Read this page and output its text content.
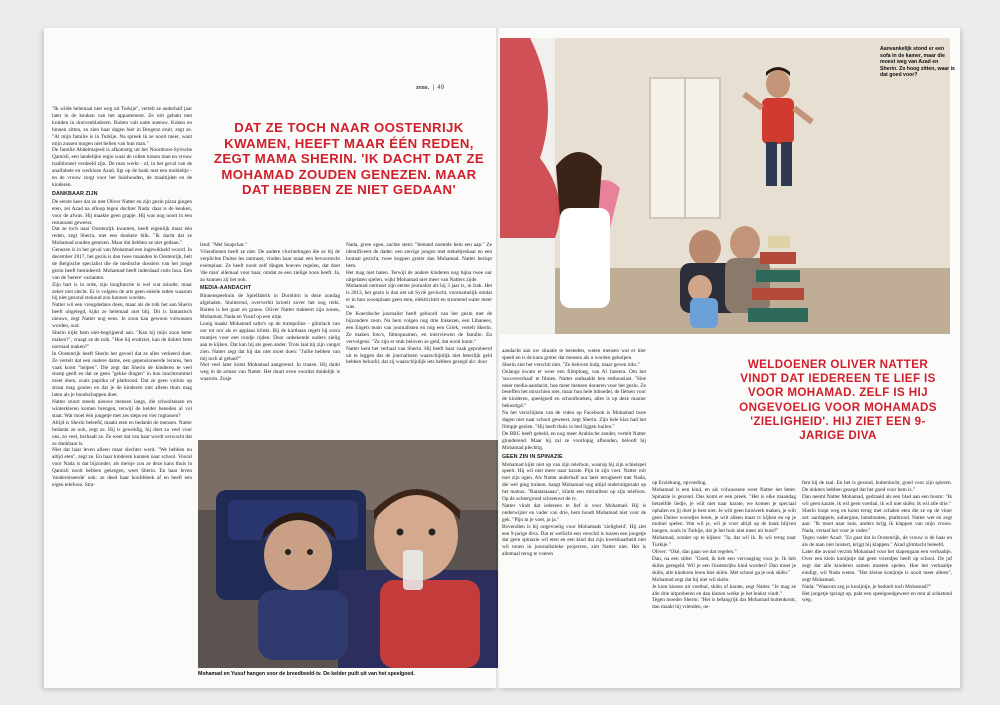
"Ik wilde helemaal niet weg uit Turkije", vertelt ze anderhalf jaar later in de keuken van het appartement. Ze rolt gehakt met kruiden in druivenbladeren. Buiten valt natte sneeuw. Koken en binnen zitten, zo zien haar dagen hier in Bregenz eruit, zegt ze. "Al mijn familie is in Turkije. Na spreek ik ze nooit meer, want mijn zussen mogen niet bellen van hun man."

De familie Abdelmajeed is afkomstig uit het Noordoost-Syrische Qamisli, een landelijke regio waar de rollen tussen man en vrouw traditioneel verdeeld zijn. De man werkt - of, in het geval van de analfabete en werkloze Azad, ligt op de bank met een mobieltje - en de vrouw zorgt voor het huishouden, de maaltijden en de kinderen.

DANKBAAR ZIJN

De eerste keer dat ze met Oliver Natter en zijn gezin pizza gingen eten, zei Azad na afloop tegen dochter Nada: daar is de keuken, voor de afwas. Hij maakte geen grapje. Hij was nog nooit in een restaurant geweest.

Dat ze toch naar Oostenrijk kwamen, heeft eigenlijk maar één reden, zegt Sherin, met een donkere blik. "Ik dacht dat ze Mohamad zouden genezen. Maar dat hebben ze niet gedaan."

Genezen is in het geval van Mohamad een ingewikkeld woord. In december 2017, het gezin is dan twee maanden in Oostenrijk, belt de Belgische specialist die de medische dossiers van het jonge gezin heeft bestudeerd: Mohamad heeft inderdaad cutis laxa. Een van de 'betere' varianten.

Zijn hart is in orde, zijn longfunctie is wel wat minder, maar zeker niet slecht. Er is volgens de arts geen enkele reden waarom hij niet gezond stokoud zou kunnen worden.

Natter wil een vreugdedans doen, maar als de tolk het aan Sherin heeft uitgelegd, kijkt ze helemaal niet blij. Dit is fantastisch nieuws, zegt Natter nog eens. Je zoon kan gewoon volwassen worden, oud.

Sherin kijkt hem niet-begrijpend aan. "Kan hij mijn zoon beter maken?", vraagt ze de tolk. "Hoe hij eruitziet, kan de dokter hem normaal maken?"

In Oostenrijk heeft Sherin het gevoel dat ze alles verkeerd doet. Ze vertelt dat een oudere dame, een gepensioneerde lerares, hen vaak komt "helpen". Die zegt dat Sherin de kinderen te veel snoep geeft en dat ze geen "gekke dingen" in hun lunchtrommel moet doen, zoals paprika of platbrood. Dat ze geen vuilnis op straat mag gooien en dat je de kinderen niet alleen thuis mag laten als je boodschappen doet.

Natter stuurt steeds nieuwe mensen langs, die schooltassen en winterkleren komen brengen, terwijl de kelder beneden al vol staat. Wat moet één jongetje met zes steps en vier rugtassen?

Altijd is Sherin beleefd, maakt eten en bedankt de mensen. Natter bedankt ze ook, zegt ze. Hij is geweldig, hij doet zo veel voor ons, zo veel, herhaalt ze. Ze weet dat van haar wordt verwacht dat ze dankbaar is.

Niet dat haar leven alleen maar slechter werd. "We hebben nu altijd eten", zegt ze. En haar kinderen kunnen naar school. Vooral voor Nada is dat bijzonder, als meisje zou ze deze kans thuis in Qamisli nooit hebben gekregen, weet Sherin. En haar leven 'moderniseerde' ook: ze deed haar hoofddoek af en heeft een eigen telefoon. Stra-

DAT ZE TOCH NAAR OOSTENRIJK KWAMEN, HEEFT MAAR ÉÉN REDEN, ZEGT MAMA SHERIN. 'IK DACHT DAT ZE MOHAMAD ZOUDEN GENEZEN. MAAR DAT HEBBEN ZE NIET GEDAAN'

lend: "Met Snapchat."

Vriendinnen heeft ze niet. De andere vluchtelingen die ze bij de verplichte Duitse les ontmoet, vinden haar maar een bevoorrecht exemplaar. Ze heeft nooit zelf dingen hoeven regelen, dat doet 'die man' allemaal voor haar, omdat ze een zielige zoon heeft. Ja, zo kunnen zij het ook.

MEDIA-AANDACHT

Binnenspeeltuin de Spielfabrik in Dornbirn is deze zondag afgeladen. Stuiterend, oververhit krioelt zover het oog reikt. Buiten is het guur en grauw. Oliver Natter trakteert zijn zonen, Mohamad, Nada en Yusuf op een uitje.

Lenig maakt Mohamad salto's op de trampoline - glimlach van oor tot oor als er applaus klinkt. Bij de kartbaan regelt hij extra muntjes voor een rondje rijden. Door onbekende ouders zielig aan te kijken. Dat kan hij als geen ander. Trots laat hij zijn vangst zien. Natter zegt dat hij dat niet moet doen: "Jullie hebben van mij toch al gehad?"

Niet veel later komt Mohamad aangerend. In tranen. Hij duikt weg in de armen van Natter. Het duurt even voordat duidelijk is waarom. Zusje

Nada, grote ogen, zachte stem: "Iemand noemde hem een aap." Ze identificeert de dader: een stevige jongen met stekeltjeshaar en een brutaal gezicht, twee koppen groter dan Mohamad. Natter berispt hem.

Het mag niet baten. Terwijl de andere kinderen nog bijna twee uur uitgelaten spelen, wijkt Mohamad niet meer van Natters zijde.

Mohamad ontmoet zijn eerste journalist als hij 3 jaar is, in Irak. Het is 2013, het gezin is dan net uit Syrië gevlucht, voornamelijk omdat er in hun woonplaats geen eten, elektriciteit en stromend water meer was.

De Koerdische journalist heeft gehoord van het gezin met de bijzondere zoon. Na hem volgen nog drie Irakezen, een Libanees, een Engels team van journalisten en nog een Griek, vertelt Sherin. Ze maken foto's, filmopnamen, en interviewen de familie. En vervolgens: "Ze zijn er stuk beloven ze geld, dat nooit komt."

Natter kent het verhaal van Sherin. Hij heeft haar vaak geprobeerd uit te leggen dat de journalisten waarschijnlijk niet letterlijk geld hebben beloofd, dat zij waarschijnlijk iets hebben gezegd als: door

Mohamad en Yusuf hangen voor de breedbeeld-tv. De kelder puilt uit van het speelgoed.
zeno.  |  49
Aanvankelijk stond er een sofa in de kamer, maar die moest weg van Azad en Sherin. Zo hoog zitten, waar is dat goed voor?
WELDOENER OLIVER NATTER VINDT DAT IEDEREEN TE LIEF IS VOOR MOHAMAD. ZELF IS HIJ ONGEVOELIG VOOR MOHAMADS 'ZIELIGHEID'. HIJ ZIET EEN 9-JARIGE DIVA

aandacht aan uw situatie te besteden, weten mensen wat er hier speelt en is de kans groter dat mensen als u worden geholpen.

Sherin ziet het verschil niet. "Ze beloven hulp, maar geven niks."

Onlangs kwam er weer een filmploeg, van Al Jazeera. Om het 'succesverhaal' te filmen. Natter onthaalde hen enthousiast. "Hoe meer media-aandacht, hoe meer mensen doneren voor het gezin. Ze beseffen het misschien niet, maar hun hele inboedel, de fietsen voor de kinderen, speelgoed en schoolboeken, alles is op deze manier bekostigd."

Na het verschijnen van de video op Facebook is Mohamad twee dagen niet naar school geweest, zegt Sherin. Zijn hele klas had het filmpje gezien. "Hij heeft thuis in bed liggen huilen."

De BBC heeft gebeld, en nog meer Arabische zender, vertelt Natter glunderend. Maar hij zal ze voorlopig afhouden, belooft hij Mohamad plechtig.

GEEN ZIN IN SPINAZIE

Mohamad kijkt niet op van zijn telefoon, waarop hij zijn schietspel speelt. Hij wil niet meer naar karate. Pijn in zijn voet. Natter rolt met zijn ogen. Als Natter anderhalf uur later terugkeert met Nada, die wel ging trainen, hangt Mohamad nog altijd onderuitgezakt op het matras. "Ratatataaaaa", klinkt een mitrailleur op zijn telefoon. Op de achtergrond schreeuwt de tv.

Natter vindt dat iedereen te lief is voor Mohamad. Hij is onderwijzer en vader van drie, hem houdt Mohamad niet voor de gek. "Pijn in je voet, ja ja."

Bovendien is hij ongevoelig voor Mohamads 'zieligheid'. Hij ziet een 9-jarige diva. Dat er wellicht een verschil is tussen een jongetje dat geen spinazie wil eten en een kind dat zijn kwetsbaarheid niet wil tonen in journalistieke projecten, ziet Natter niet. Het is allemaal terug te voeren

op Erziehung, opvoeding.

Mohamad is een kind, en als volwassene weet Natter het beter. Spinazie is gezond. Dus komt er een preek. "Het is elke maandag hetzelfde liedje, je wilt niet naar karate, we komen je speciaal ophalen en jij doet je best niet. Je wilt geen huiswerk maken, je wilt geen Duitse woordjes leren, je wilt alleen maar tv kijken en op je mobiel spelen. Wat wil je, wil je voor altijd op de bank blijven hangen, zoals in Turkije, dat je het huis niet meer uit kunt?"

Mohamad, zonder op te kijken: "Ja, dat wil ik. Ik wil terug naar Turkije."

Oliver: "Oké, dan gaan we dat regelen."

Dan, na een stilte: "Goed, ik heb een vervanging voor je. Ik heb skiles geregeld. Wil je een Oostenrijks kind worden? Dan moet je skiën, alle kinderen leren hier skiën. Met school ga je ook skiën."

Mohamad zegt dat hij niet wil skiën.

Je kunt kiezen uit voetbal, skiën of karate, zegt Natter. "Je mag ze alle drie uitproberen en dan kiezen welke je het leukst vindt."

Tegen moeder Sherin: "Het is belangrijk dat Mohamad buitenkomt, dan maakt hij vrienden, oe-

fent hij de taal. En het is gezond, buitenlucht, goed voor zijn spieren. De dokters hebben gezegd dat het goed voor hem is."

Dan neemt Natter Mohamad, gedraaid als een blad aan een boom: "Ik wil geen karate, ik wil geen voetbal, ik wil niet skiën: ik wil alle drie."

Sherin loopt weg en komt terug met schalen eten die ze op de vloer zet: aardappels, aubergine, lamsbouten, platbrood. Natter wet en zegt aan: "Ik moet naar huis, anders krijg ik klappen van mijn vrouw. Nada, vertaal het voor je vader."

Tegen vader Azad: "Zo gaat dat in Oostenrijk, de vrouw is de baas en als de man niet luistert, krijgt hij klappen." Azad glimlacht beleefd.

Later die avond verzint Mohamad voor het slapengaan een verhaaltje. Over een klein konijntje dat geen vriendjes heeft op school. De juf zegt dat alle kinderen samen moeten spelen. Hoe het verhaaltje eindigt, wil Nada weten. "Het kleine konijntje is nooit meer alleen", zegt Mohamad.

Nada: "Waarom zeg je konijntje, je bedoelt toch Mohamad?"

Het jongetje springt op, pakt een speelgoedgeweer en rent al schietend weg.
